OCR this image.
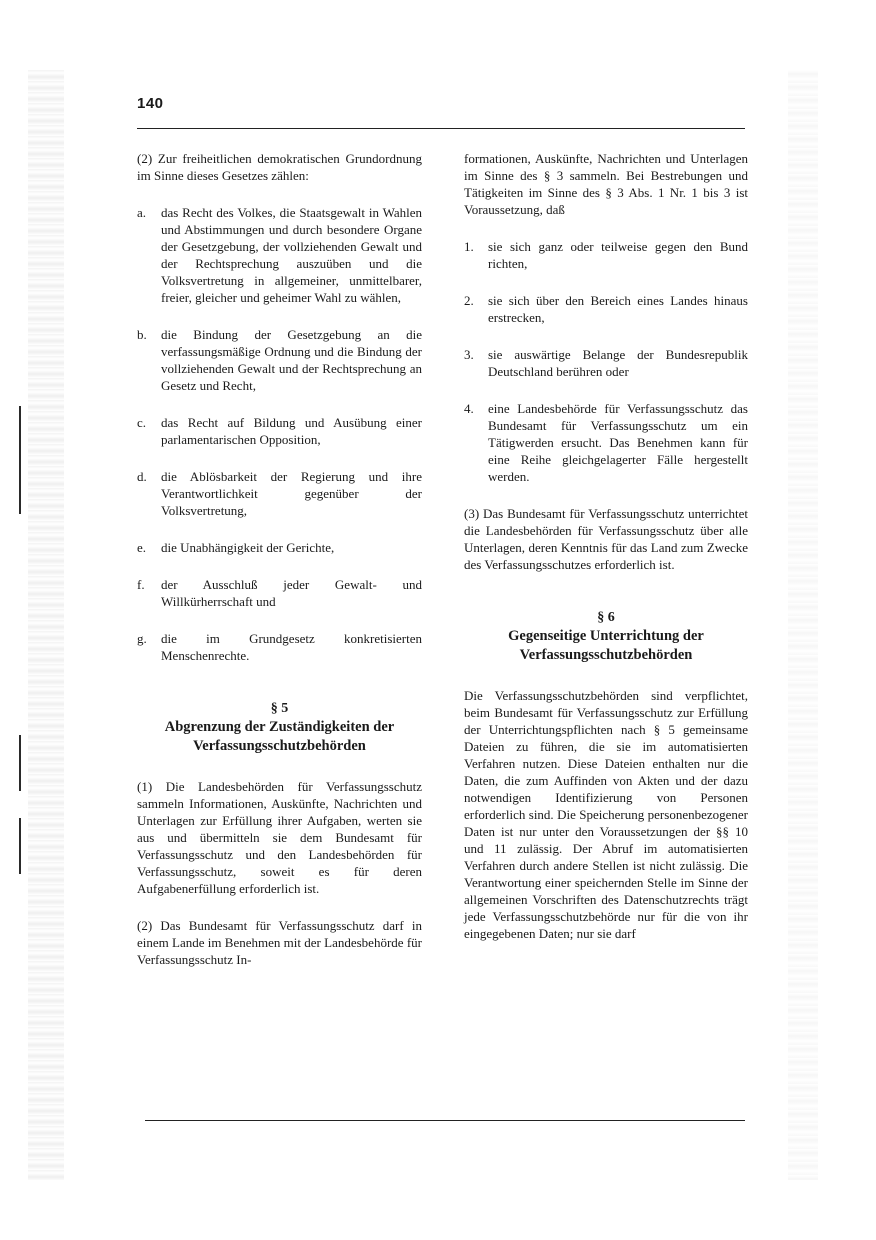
140

(2) Zur freiheitlichen demokratischen Grundordnung im Sinne dieses Gesetzes zählen:

a.	das Recht des Volkes, die Staatsgewalt in Wahlen und Abstimmungen und durch besondere Organe der Gesetzgebung, der vollziehenden Gewalt und der Rechtsprechung auszuüben und die Volksvertretung in allgemeiner, unmittelbarer, freier, gleicher und geheimer Wahl zu wählen,
b.	die Bindung der Gesetzgebung an die verfassungsmäßige Ordnung und die Bindung der vollziehenden Gewalt und der Rechtsprechung an Gesetz und Recht,
c.	das Recht auf Bildung und Ausübung einer parlamentarischen Opposition,
d.	die Ablösbarkeit der Regierung und ihre Verantwortlichkeit gegenüber der Volksvertretung,
e.	die Unabhängigkeit der Gerichte,
f.	der Ausschluß jeder Gewalt- und Willkürherrschaft und
g.	die im Grundgesetz konkretisierten Menschenrechte.
§ 5
Abgrenzung der Zuständigkeiten der Verfassungsschutzbehörden

(1) Die Landesbehörden für Verfassungsschutz sammeln Informationen, Auskünfte, Nachrichten und Unterlagen zur Erfüllung ihrer Aufgaben, werten sie aus und übermitteln sie dem Bundesamt für Verfassungsschutz und den Landesbehörden für Verfassungsschutz, soweit es für deren Aufgabenerfüllung erforderlich ist.

(2) Das Bundesamt für Verfassungsschutz darf in einem Lande im Benehmen mit der Landesbehörde für Verfassungsschutz In-

formationen, Auskünfte, Nachrichten und Unterlagen im Sinne des § 3 sammeln. Bei Bestrebungen und Tätigkeiten im Sinne des § 3 Abs. 1 Nr. 1 bis 3 ist Voraussetzung, daß

1.	sie sich ganz oder teilweise gegen den Bund richten,
2.	sie sich über den Bereich eines Landes hinaus erstrecken,
3.	sie auswärtige Belange der Bundesrepublik Deutschland berühren oder
4.	eine Landesbehörde für Verfassungsschutz das Bundesamt für Verfassungsschutz um ein Tätigwerden ersucht. Das Benehmen kann für eine Reihe gleichgelagerter Fälle hergestellt werden.

(3) Das Bundesamt für Verfassungsschutz unterrichtet die Landesbehörden für Verfassungsschutz über alle Unterlagen, deren Kenntnis für das Land zum Zwecke des Verfassungsschutzes erforderlich ist.

§ 6
Gegenseitige Unterrichtung der Verfassungsschutzbehörden

Die Verfassungsschutzbehörden sind verpflichtet, beim Bundesamt für Verfassungsschutz zur Erfüllung der Unterrichtungspflichten nach § 5 gemeinsame Dateien zu führen, die sie im automatisierten Verfahren nutzen. Diese Dateien enthalten nur die Daten, die zum Auffinden von Akten und der dazu notwendigen Identifizierung von Personen erforderlich sind. Die Speicherung personenbezogener Daten ist nur unter den Voraussetzungen der §§ 10 und 11 zulässig. Der Abruf im automatisierten Verfahren durch andere Stellen ist nicht zulässig. Die Verantwortung einer speichernden Stelle im Sinne der allgemeinen Vorschriften des Datenschutzrechts trägt jede Verfassungsschutzbehörde nur für die von ihr eingegebenen Daten; nur sie darf
